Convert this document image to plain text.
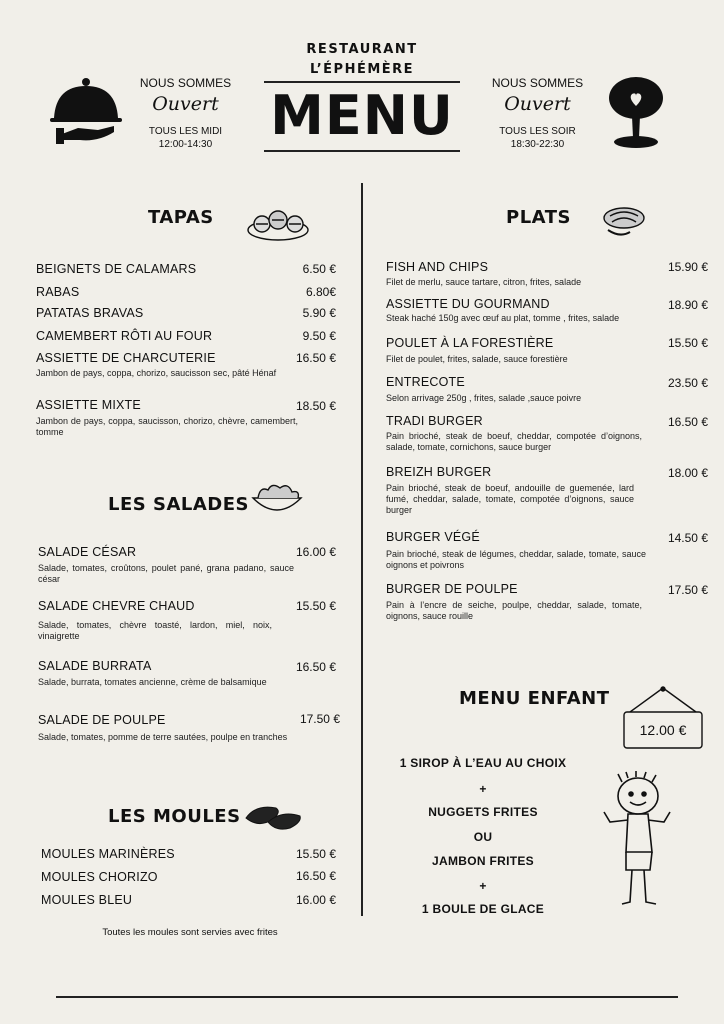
NOUS SOMMES
Ouvert
TOUS LES MIDI
12:00-14:30
RESTAURANT
L’ÉPHÉMÈRE
MENU
NOUS SOMMES
Ouvert
TOUS LES SOIR
18:30-22:30
TAPAS
BEIGNETS DE CALAMARS	6.50 €
RABAS	6.80€
PATATAS BRAVAS	5.90 €
CAMEMBERT RÔTI AU FOUR	9.50 €
ASSIETTE DE CHARCUTERIE	16.50 €
Jambon de pays, coppa, chorizo, saucisson sec, pâté Hénaf
ASSIETTE MIXTE	18.50 €
Jambon de pays, coppa, saucisson, chorizo, chèvre, camembert, tomme
LES SALADES
SALADE CÉSAR	16.00 €
Salade, tomates, croûtons, poulet pané, grana padano, sauce césar
SALADE CHEVRE CHAUD	15.50 €
Salade, tomates, chèvre toasté, lardon, miel, noix, vinaigrette
SALADE BURRATA	16.50 €
Salade, burrata, tomates ancienne, crème de balsamique
SALADE DE POULPE	17.50 €
Salade, tomates, pomme de terre sautées, poulpe en tranches
LES MOULES
MOULES MARINÈRES	15.50 €
MOULES CHORIZO	16.50 €
MOULES BLEU	16.00 €
Toutes les moules sont servies avec frites
PLATS
FISH AND CHIPS	15.90 €
Filet de merlu, sauce tartare, citron, frites, salade
ASSIETTE DU GOURMAND	18.90 €
Steak haché 150g avec œuf au plat, tomme , frites, salade
POULET À LA FORESTIÈRE	15.50 €
Filet de poulet, frites, salade, sauce forestière
ENTRECOTE	23.50 €
Selon arrivage 250g , frites, salade ,sauce poivre
TRADI BURGER	16.50 €
Pain brioché, steak de boeuf, cheddar, compotée d’oignons, salade, tomate, cornichons, sauce burger
BREIZH BURGER	18.00 €
Pain brioché, steak de boeuf, andouille de guemenée, lard fumé, cheddar, salade, tomate, compotée d’oignons, sauce burger
BURGER VÉGÉ	14.50 €
Pain brioché, steak de légumes, cheddar, salade, tomate, sauce oignons et poivrons
BURGER DE POULPE	17.50 €
Pain à l’encre de seiche, poulpe, cheddar, salade, tomate, oignons, sauce rouille
MENU ENFANT
12.00 €
1 SIROP À L’EAU AU CHOIX
+
NUGGETS FRITES
OU
JAMBON FRITES
+
1 BOULE DE GLACE
